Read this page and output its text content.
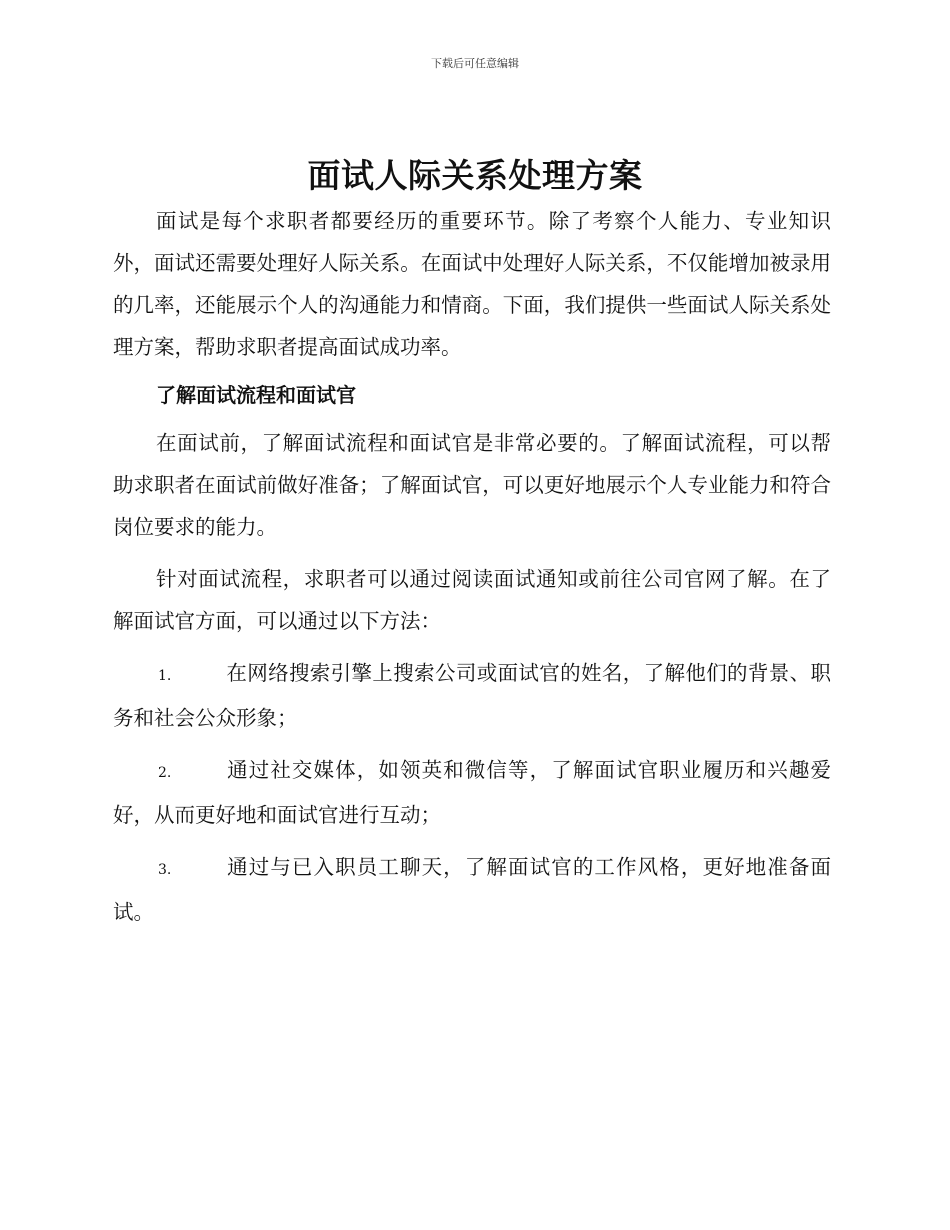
下载后可任意编辑
面试人际关系处理方案

面试是每个求职者都要经历的重要环节。除了考察个人能力、专业知识外，面试还需要处理好人际关系。在面试中处理好人际关系，不仅能增加被录用的几率，还能展示个人的沟通能力和情商。下面，我们提供一些面试人际关系处理方案，帮助求职者提高面试成功率。

了解面试流程和面试官

在面试前，了解面试流程和面试官是非常必要的。了解面试流程，可以帮助求职者在面试前做好准备；了解面试官，可以更好地展示个人专业能力和符合岗位要求的能力。

针对面试流程，求职者可以通过阅读面试通知或前往公司官网了解。在了解面试官方面，可以通过以下方法：

1.	在网络搜索引擎上搜索公司或面试官的姓名，了解他们的背景、职务和社会公众形象；

2.	通过社交媒体，如领英和微信等，了解面试官职业履历和兴趣爱好，从而更好地和面试官进行互动；

3.	通过与已入职员工聊天，了解面试官的工作风格，更好地准备面试。
